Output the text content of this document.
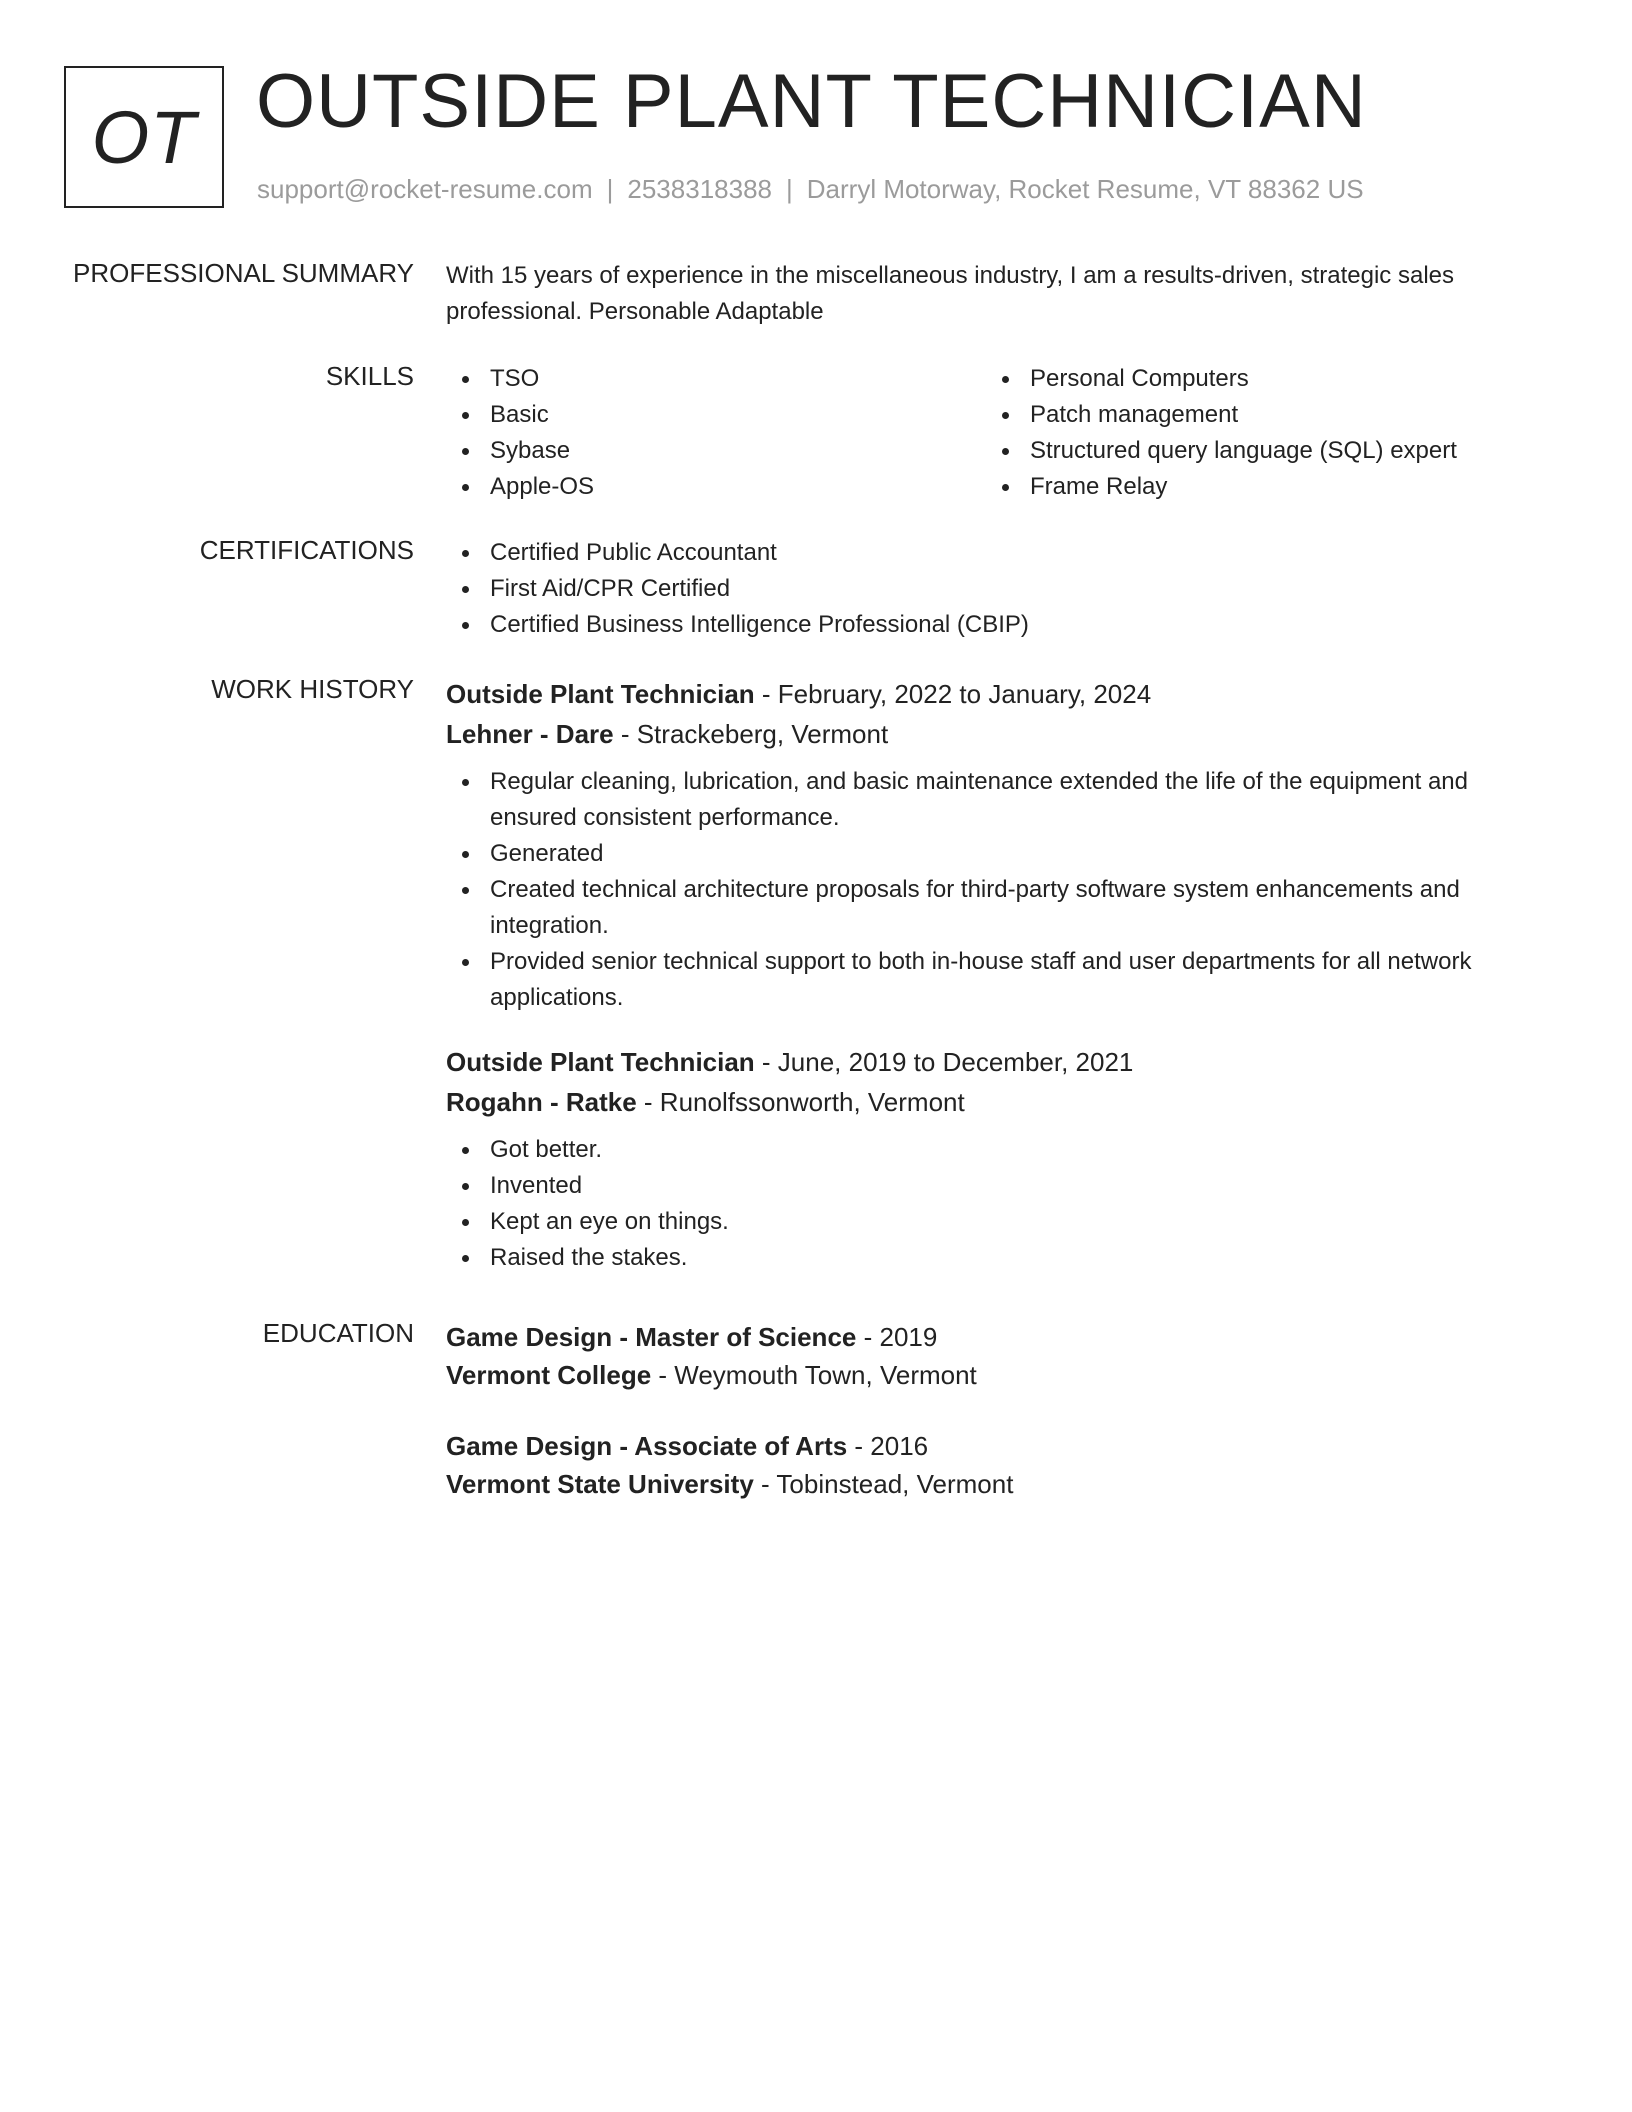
OT OUTSIDE PLANT TECHNICIAN
support@rocket-resume.com | 2538318388 | Darryl Motorway, Rocket Resume, VT 88362 US
PROFESSIONAL SUMMARY With 15 years of experience in the miscellaneous industry, I am a results-driven, strategic sales professional. Personable Adaptable
SKILLS	TSO
Basic
Sybase
Apple-OS
Personal Computers
Patch management
Structured query language (SQL) expert
Frame Relay
CERTIFICATIONS	Certified Public Accountant
First Aid/CPR Certified
Certified Business Intelligence Professional (CBIP)
WORK HISTORY Outside Plant Technician - February, 2022 to January, 2024
Lehner - Dare - Strackeberg, Vermont
Regular cleaning, lubrication, and basic maintenance extended the life of the equipment and ensured consistent performance.
Generated
Created technical architecture proposals for third-party software system enhancements and integration.
Provided senior technical support to both in-house staff and user departments for all network applications.
Outside Plant Technician - June, 2019 to December, 2021
Rogahn - Ratke - Runolfssonworth, Vermont
Got better.
Invented
Kept an eye on things.
Raised the stakes.
EDUCATION Game Design - Master of Science - 2019
Vermont College - Weymouth Town, Vermont
Game Design - Associate of Arts - 2016
Vermont State University - Tobinstead, Vermont
